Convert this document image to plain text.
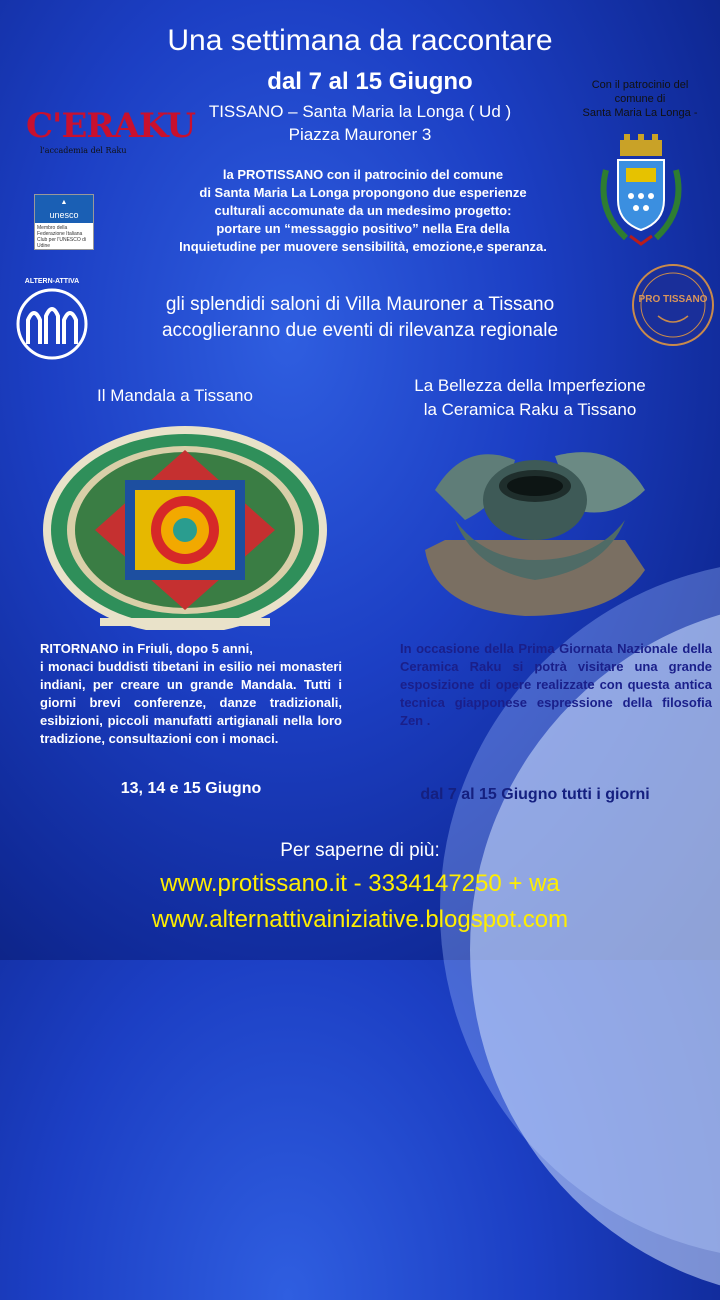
Una settimana da raccontare
dal 7 al 15 Giugno
TISSANO – Santa Maria la Longa ( Ud )
Piazza Mauroner 3
Con il patrocinio del
comune di
Santa Maria La Longa -
C'ERAKU
l'accademia del Raku
▲
unesco
Membro della Federazione Italiana Club per l'UNESCO di Udine
ALTERN-ATTIVA
PRO TISSANO
la PROTISSANO con il patrocinio del comune
di Santa Maria La Longa propongono due esperienze
culturali accomunate da un medesimo progetto:
portare un “messaggio positivo” nella Era della
Inquietudine per muovere sensibilità, emozione,e speranza.
gli splendidi saloni di Villa Mauroner a Tissano
accoglieranno due eventi di rilevanza regionale
Il Mandala a Tissano
La Bellezza della Imperfezione
la Ceramica Raku a Tissano
RITORNANO in Friuli, dopo 5 anni,
i monaci buddisti tibetani in esilio nei monasteri indiani, per creare un grande Mandala. Tutti i giorni brevi conferenze, danze tradizionali, esibizioni, piccoli manufatti artigianali nella loro tradizione, consultazioni con i monaci.
13, 14 e 15 Giugno
In occasione della Prima Giornata Nazionale della Ceramica Raku si potrà visitare una grande esposizione di opere realizzate con questa antica tecnica giapponese espressione della filosofia Zen .
dal 7 al 15 Giugno tutti i giorni
Per saperne di più:
www.protissano.it - 3334147250 + wa
www.alternattivainiziative.blogspot.com
